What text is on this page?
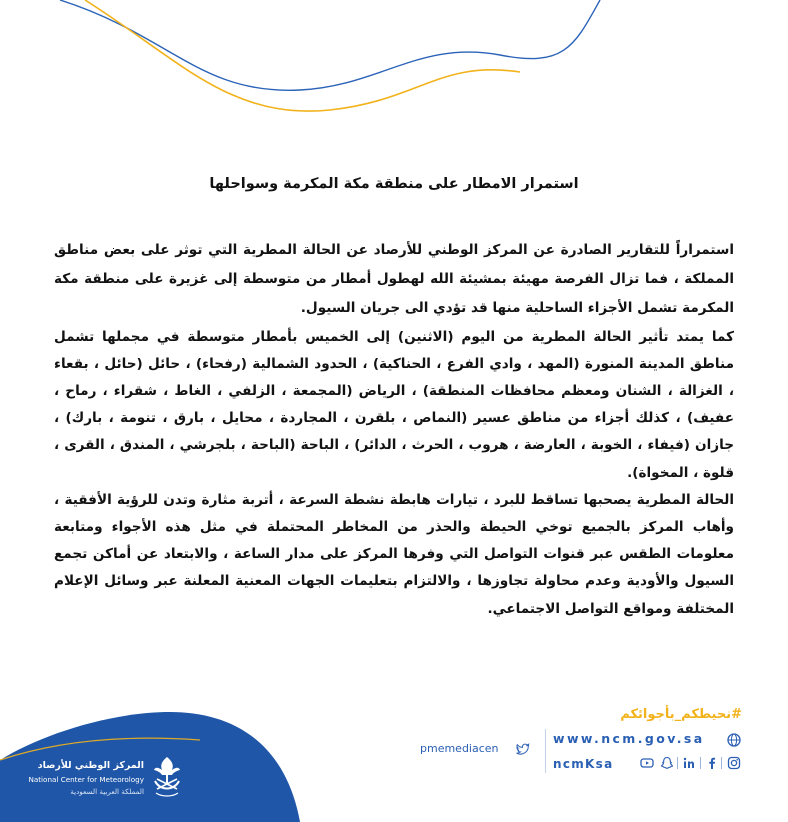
استمرار الامطار على منطقة مكة المكرمة وسواحلها

استمراراً للتقارير الصادرة عن المركز الوطني للأرصاد عن الحالة المطرية التي توثر على بعض مناطق المملكة ، فما تزال الفرصة مهيئة بمشيئة الله لهطول أمطار من متوسطة إلى غزيرة على منطقة مكة المكرمة تشمل الأجزاء الساحلية منها قد تؤدي الى جريان السيول.

كما يمتد تأثير الحالة المطرية من اليوم (الاثنين) إلى الخميس بأمطار متوسطة في مجملها تشمل مناطق المدينة المنورة (المهد ، وادي الفرع ، الحناكية) ، الحدود الشمالية (رفحاء) ، حائل (حائل ، بقعاء ، الغزالة ، الشنان ومعظم محافظات المنطقة) ، الرياض (المجمعة ، الزلفي ، الغاط ، شقراء ، رماح ، عفيف) ، كذلك أجزاء من مناطق عسير (النماص ، بلقرن ، المجاردة ، محايل ، بارق ، تنومة ، بارك) ، جازان (فيفاء ، الخوبة ، العارضة ، هروب ، الحرث ، الدائر) ، الباحة (الباحة ، بلجرشي ، المندق ، القرى ، قلوة ، المخواة).

الحالة المطرية يصحبها تساقط للبرد ، تيارات هابطة نشطة السرعة ، أتربة مثارة وتدن للرؤية الأفقية ، وأهاب المركز بالجميع توخي الحيطة والحذر من المخاطر المحتملة في مثل هذه الأجواء ومتابعة معلومات الطقس عبر قنوات التواصل التي وفرها المركز على مدار الساعة ، والابتعاد عن أماكن تجمع السيول والأودية وعدم محاولة تجاوزها ، والالتزام بتعليمات الجهات المعنية المعلنة عبر وسائل الإعلام المختلفة ومواقع التواصل الاجتماعي.

المركز الوطني للأرصاد
National Center for Meteorology
المملكة العربية السعودية
#نحيطكم_بأجوائكم
www.ncm.gov.sa
ncmKsa
pmemediacen
